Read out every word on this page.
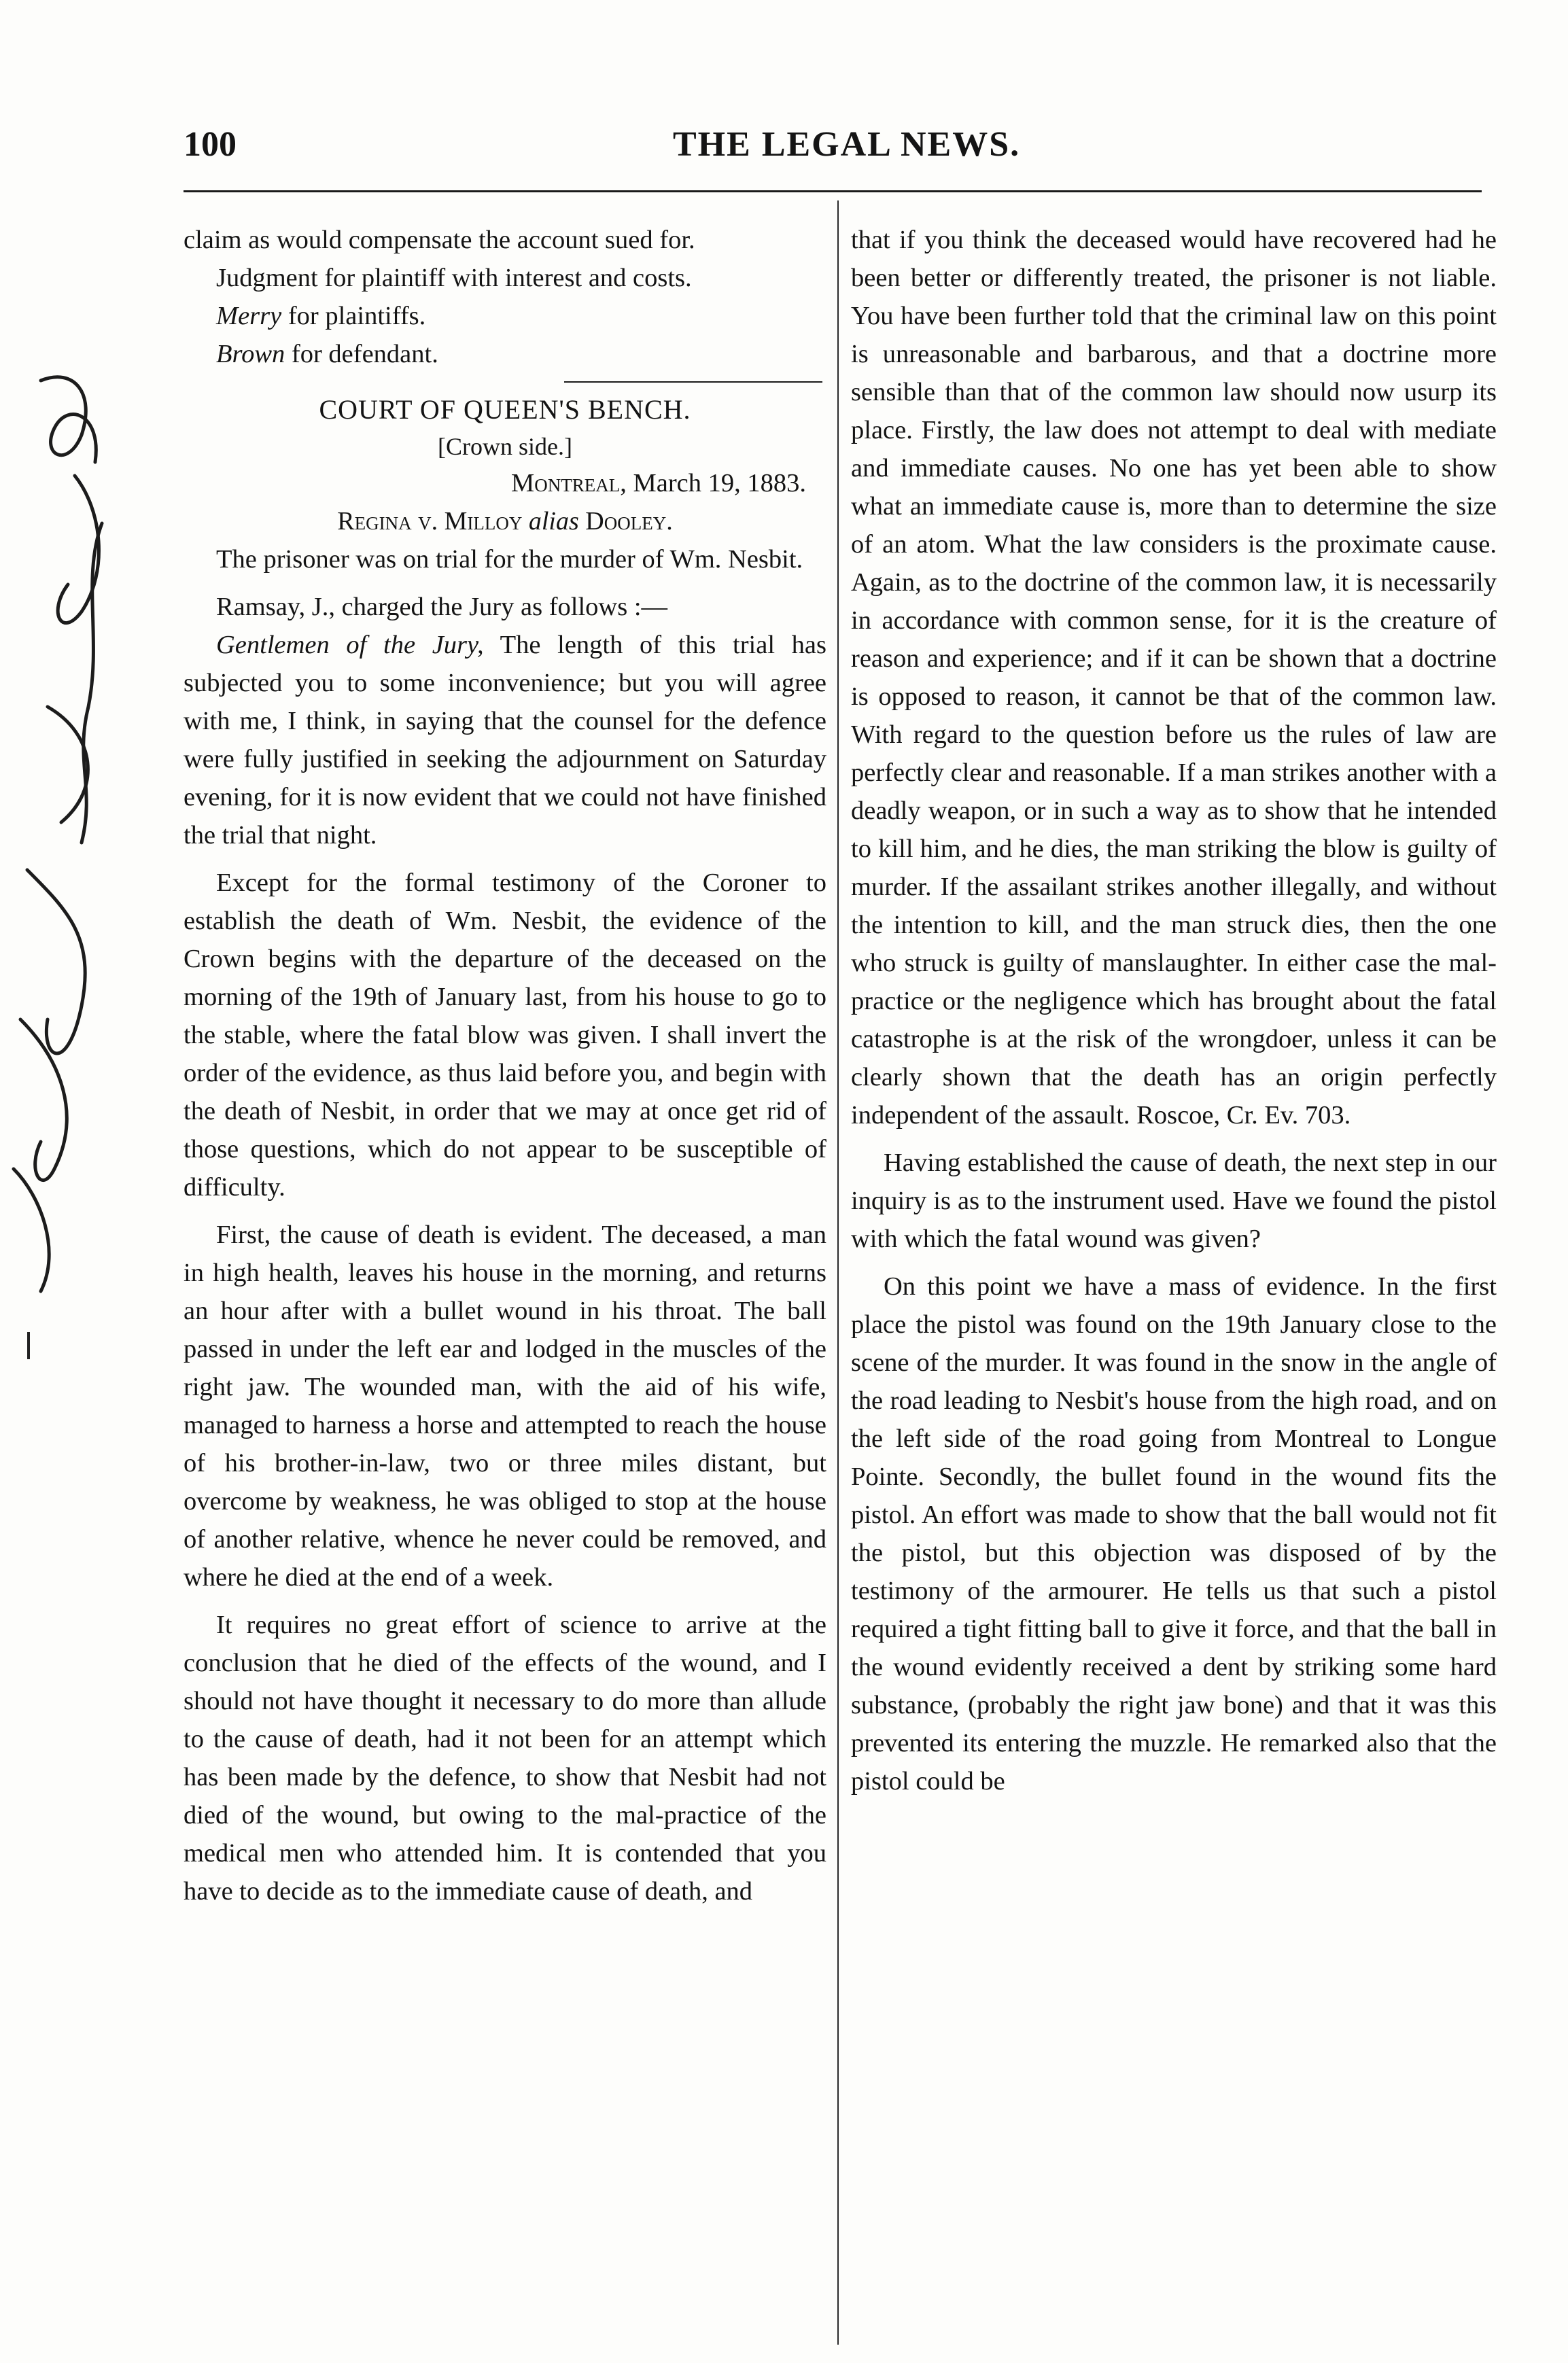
100	THE LEGAL NEWS.

claim as would compensate the account sued for.

Judgment for plaintiff with interest and costs.

Merry for plaintiffs.

Brown for defendant.

COURT OF QUEEN'S BENCH.

[Crown side.]

Montreal, March 19, 1883.

Regina v. Milloy alias Dooley.

The prisoner was on trial for the murder of Wm. Nesbit.

Ramsay, J., charged the Jury as follows :—

Gentlemen of the Jury, The length of this trial has subjected you to some inconvenience; but you will agree with me, I think, in saying that the counsel for the defence were fully justified in seeking the adjournment on Saturday evening, for it is now evident that we could not have finished the trial that night.

Except for the formal testimony of the Coroner to establish the death of Wm. Nesbit, the evidence of the Crown begins with the departure of the deceased on the morning of the 19th of January last, from his house to go to the stable, where the fatal blow was given. I shall invert the order of the evidence, as thus laid before you, and begin with the death of Nesbit, in order that we may at once get rid of those questions, which do not appear to be susceptible of difficulty.

First, the cause of death is evident. The deceased, a man in high health, leaves his house in the morning, and returns an hour after with a bullet wound in his throat. The ball passed in under the left ear and lodged in the muscles of the right jaw. The wounded man, with the aid of his wife, managed to harness a horse and attempted to reach the house of his brother-in-law, two or three miles distant, but overcome by weakness, he was obliged to stop at the house of another relative, whence he never could be removed, and where he died at the end of a week.

It requires no great effort of science to arrive at the conclusion that he died of the effects of the wound, and I should not have thought it necessary to do more than allude to the cause of death, had it not been for an attempt which has been made by the defence, to show that Nesbit had not died of the wound, but owing to the mal-practice of the medical men who attended him. It is contended that you have to decide as to the immediate cause of death, and

that if you think the deceased would have recovered had he been better or differently treated, the prisoner is not liable. You have been further told that the criminal law on this point is unreasonable and barbarous, and that a doctrine more sensible than that of the common law should now usurp its place. Firstly, the law does not attempt to deal with mediate and immediate causes. No one has yet been able to show what an immediate cause is, more than to determine the size of an atom. What the law considers is the proximate cause. Again, as to the doctrine of the common law, it is necessarily in accordance with common sense, for it is the creature of reason and experience; and if it can be shown that a doctrine is opposed to reason, it cannot be that of the common law. With regard to the question before us the rules of law are perfectly clear and reasonable. If a man strikes another with a deadly weapon, or in such a way as to show that he intended to kill him, and he dies, the man striking the blow is guilty of murder. If the assailant strikes another illegally, and without the intention to kill, and the man struck dies, then the one who struck is guilty of manslaughter. In either case the mal-practice or the negligence which has brought about the fatal catastrophe is at the risk of the wrongdoer, unless it can be clearly shown that the death has an origin perfectly independent of the assault. Roscoe, Cr. Ev. 703.

Having established the cause of death, the next step in our inquiry is as to the instrument used. Have we found the pistol with which the fatal wound was given?

On this point we have a mass of evidence. In the first place the pistol was found on the 19th January close to the scene of the murder. It was found in the snow in the angle of the road leading to Nesbit's house from the high road, and on the left side of the road going from Montreal to Longue Pointe. Secondly, the bullet found in the wound fits the pistol. An effort was made to show that the ball would not fit the pistol, but this objection was disposed of by the testimony of the armourer. He tells us that such a pistol required a tight fitting ball to give it force, and that the ball in the wound evidently received a dent by striking some hard substance, (probably the right jaw bone) and that it was this prevented its entering the muzzle. He remarked also that the pistol could be
